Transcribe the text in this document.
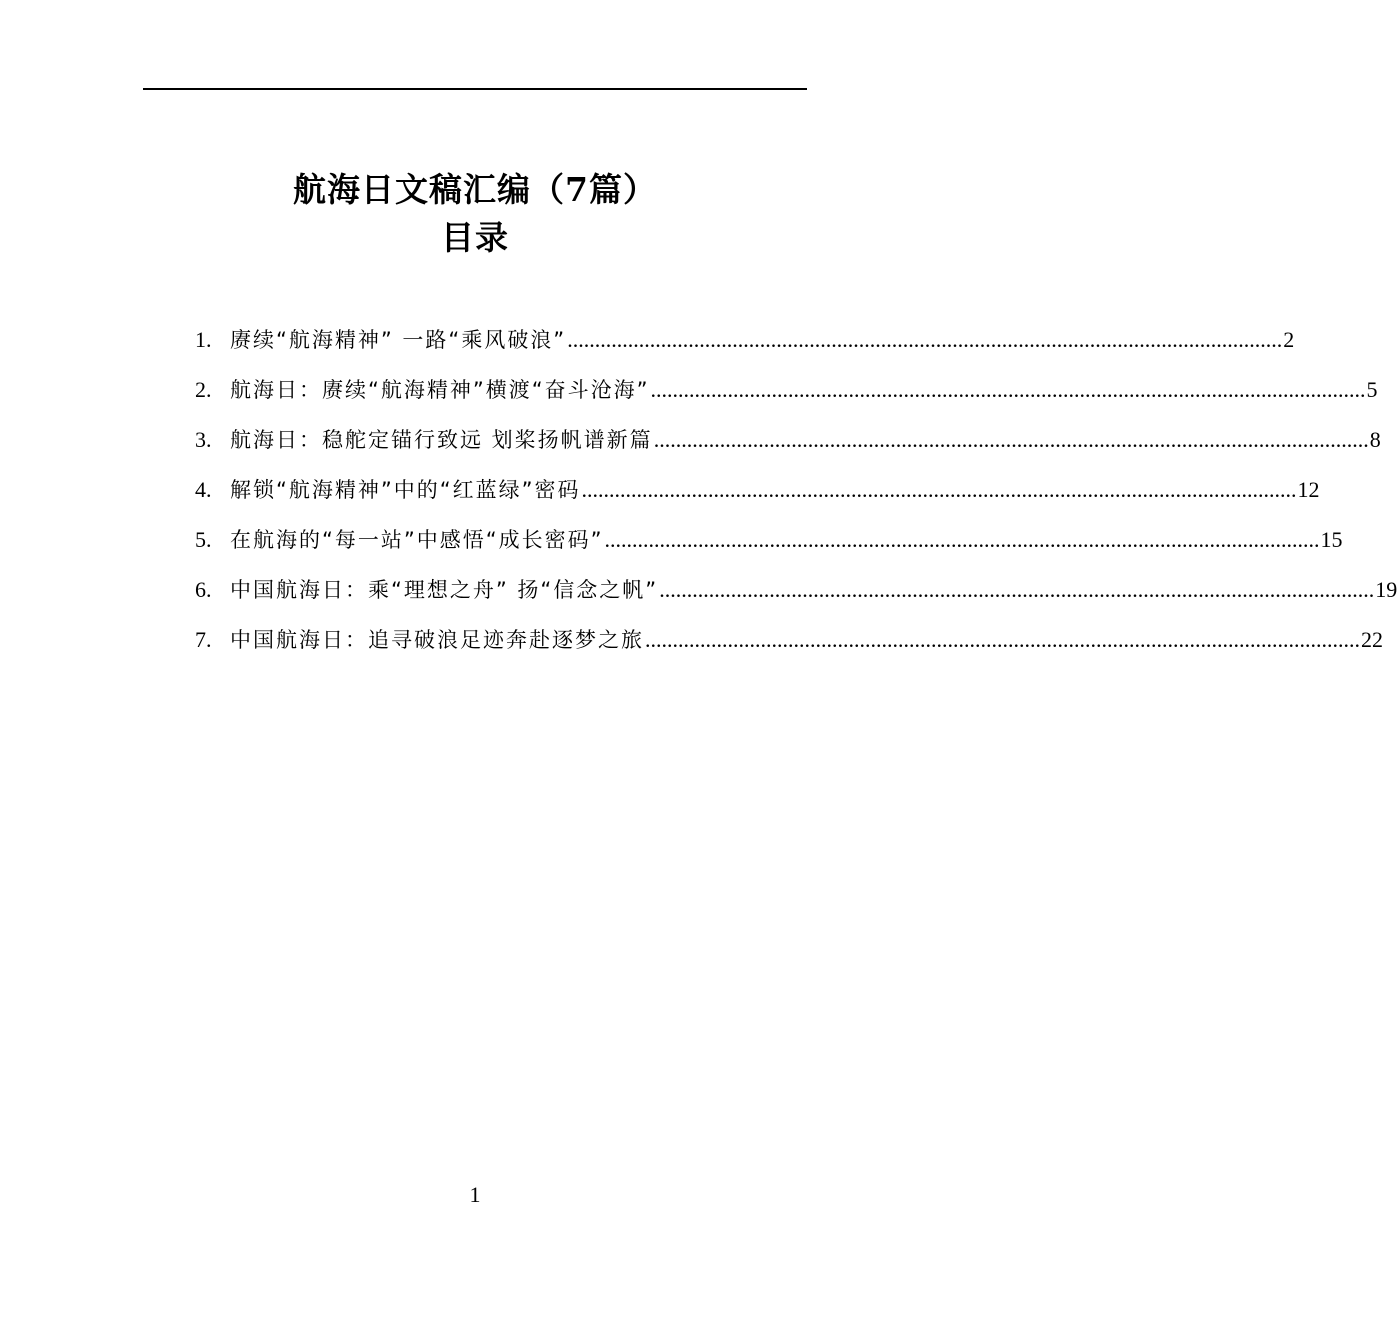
航海日文稿汇编（7篇）
目录
1. 赓续“航海精神” 一路“乘风破浪” .....	2
2. 航海日：赓续“航海精神”横渡“奋斗沧海” .....	5
3. 航海日：稳舵定锚行致远 划桨扬帆谱新篇 .....	8
4. 解锁“航海精神”中的“红蓝绿”密码 .....	12
5. 在航海的“每一站”中感悟“成长密码” .....	15
6. 中国航海日：乘“理想之舟” 扬“信念之帆” .....	19
7. 中国航海日：追寻破浪足迹奔赴逐梦之旅 .....	22
1
